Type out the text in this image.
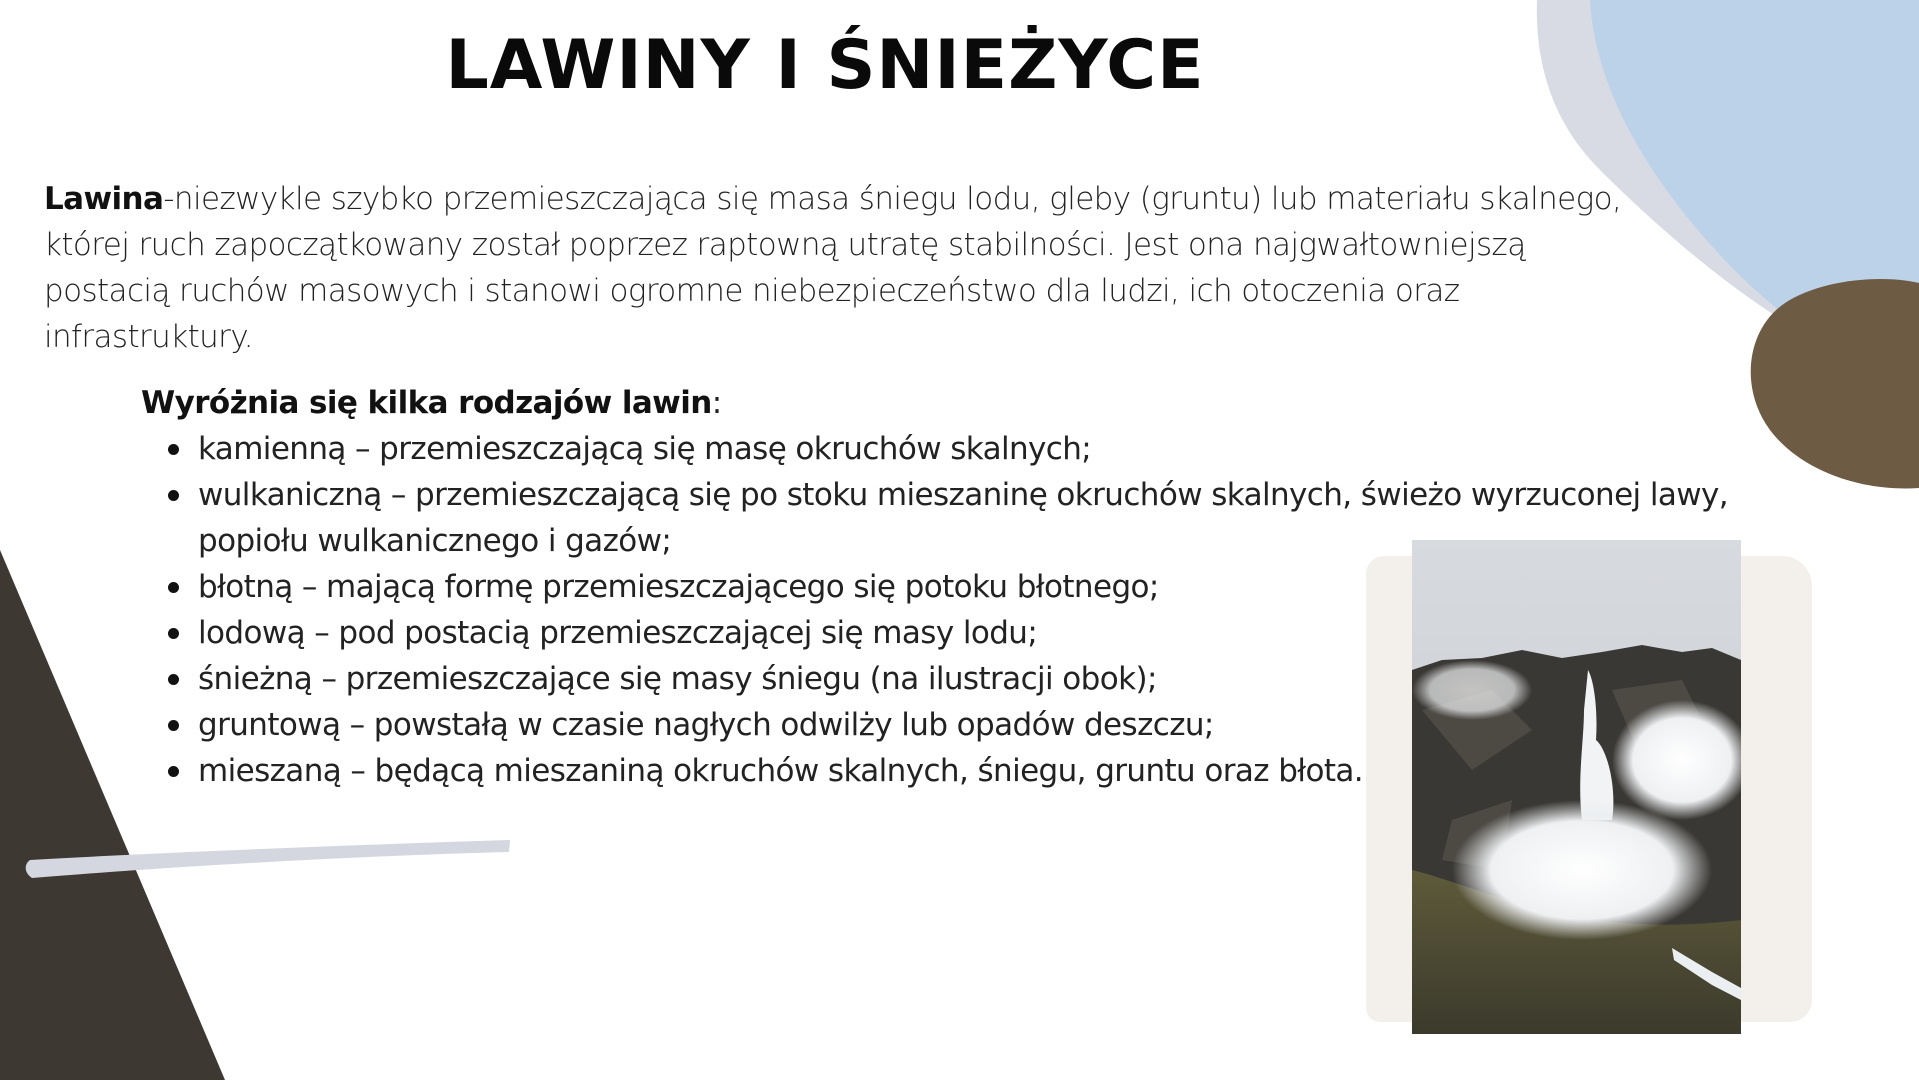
LAWINY I ŚNIEŻYCE

Lawina-niezwykle szybko przemieszczająca się masa śniegu lodu, gleby (gruntu) lub materiału skalnego, której ruch zapoczątkowany został poprzez raptowną utratę stabilności. Jest ona najgwałtowniejszą postacią ruchów masowych i stanowi ogromne niebezpieczeństwo dla ludzi, ich otoczenia oraz infrastruktury.

Wyróżnia się kilka rodzajów lawin:

kamienną – przemieszczającą się masę okruchów skalnych;
wulkaniczną – przemieszczającą się po stoku mieszaninę okruchów skalnych, świeżo wyrzuconej lawy, popiołu wulkanicznego i gazów;
błotną – mającą formę przemieszczającego się potoku błotnego;
lodową – pod postacią przemieszczającej się masy lodu;
śnieżną – przemieszczające się masy śniegu (na ilustracji obok);
gruntową – powstałą w czasie nagłych odwilży lub opadów deszczu;
mieszaną – będącą mieszaniną okruchów skalnych, śniegu, gruntu oraz błota.
